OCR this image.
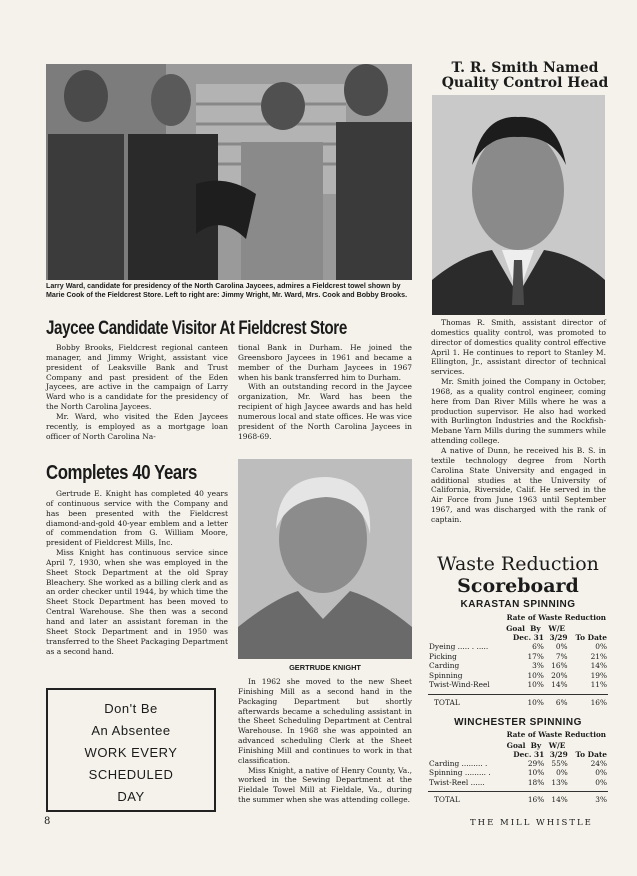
Larry Ward, candidate for presidency of the North Carolina Jaycees, admires a Fieldcrest towel shown by Marie Cook of the Fieldcrest Store. Left to right are: Jimmy Wright, Mr. Ward, Mrs. Cook and Bobby Brooks.
Jaycee Candidate Visitor At Fieldcrest Store

Bobby Brooks, Fieldcrest regional canteen manager, and Jimmy Wright, assistant vice president of Leaksville Bank and Trust Company and past president of the Eden Jaycees, are active in the campaign of Larry Ward who is a candidate for the presidency of the North Carolina Jaycees.

Mr. Ward, who visited the Eden Jaycees recently, is employed as a mortgage loan officer of North Carolina Na-

tional Bank in Durham. He joined the Greensboro Jaycees in 1961 and became a member of the Durham Jaycees in 1967 when his bank transferred him to Durham.

With an outstanding record in the Jaycee organization, Mr. Ward has been the recipient of high Jaycee awards and has held numerous local and state offices. He was vice president of the North Carolina Jaycees in 1968-69.

T. R. Smith Named
Quality Control Head

Thomas R. Smith, assistant director of domestics quality control, was promoted to director of domestics quality control effective April 1. He continues to report to Stanley M. Ellington, Jr., assistant director of technical services.

Mr. Smith joined the Company in October, 1968, as a quality control engineer, coming here from Dan River Mills where he was a production supervisor. He also had worked with Burlington Industries and the Rockfish-Mebane Yarn Mills during the summers while attending college.

A native of Dunn, he received his B. S. in textile technology degree from North Carolina State University and engaged in additional studies at the University of California, Riverside, Calif. He served in the Air Force from June 1963 until September 1967, and was discharged with the rank of captain.

Completes 40 Years

Gertrude E. Knight has completed 40 years of continuous service with the Company and has been presented with the Fieldcrest diamond-and-gold 40-year emblem and a letter of commendation from G. William Moore, president of Fieldcrest Mills, Inc.

Miss Knight has continuous service since April 7, 1930, when she was employed in the Sheet Stock Department at the old Spray Bleachery. She worked as a billing clerk and as an order checker until 1944, by which time the Sheet Stock Department has been moved to Central Warehouse. She then was a second hand and later an assistant foreman in the Sheet Stock Department and in 1950 was transferred to the Sheet Packaging Department as a second hand.

GERTRUDE KNIGHT

In 1962 she moved to the new Sheet Finishing Mill as a second hand in the Packaging Department but shortly afterwards became a scheduling assistant in the Sheet Scheduling Department at Central Warehouse. In 1968 she was appointed an advanced scheduling Clerk at the Sheet Finishing Mill and continues to work in that classification.

Miss Knight, a native of Henry County, Va., worked in the Sewing Department at the Fieldale Towel Mill at Fieldale, Va., during the summer when she was attending college.

Don't Be
An Absentee
WORK EVERY
SCHEDULED
DAY
Waste Reduction
Scoreboard
KARASTAN SPINNING
Rate of Waste Reduction
	Goal By	W/E	
	Dec. 31	3/29	To Date
Dyeing ..... . .....	6%	0%	0%
Picking	17%	7%	21%
Carding	3%	16%	14%
Spinning	10%	20%	19%
Twist-Wind-Reel	10%	14%	11%

TOTAL	10%	6%	16%
WINCHESTER SPINNING
Rate of Waste Reduction
	Goal By	W/E	
	Dec. 31	3/29	To Date
Carding ......... .	29%	55%	24%
Spinning ......... .	10%	0%	0%
Twist-Reel ......	18%	13%	0%

TOTAL	16%	14%	3%
8	THE MILL WHISTLE
